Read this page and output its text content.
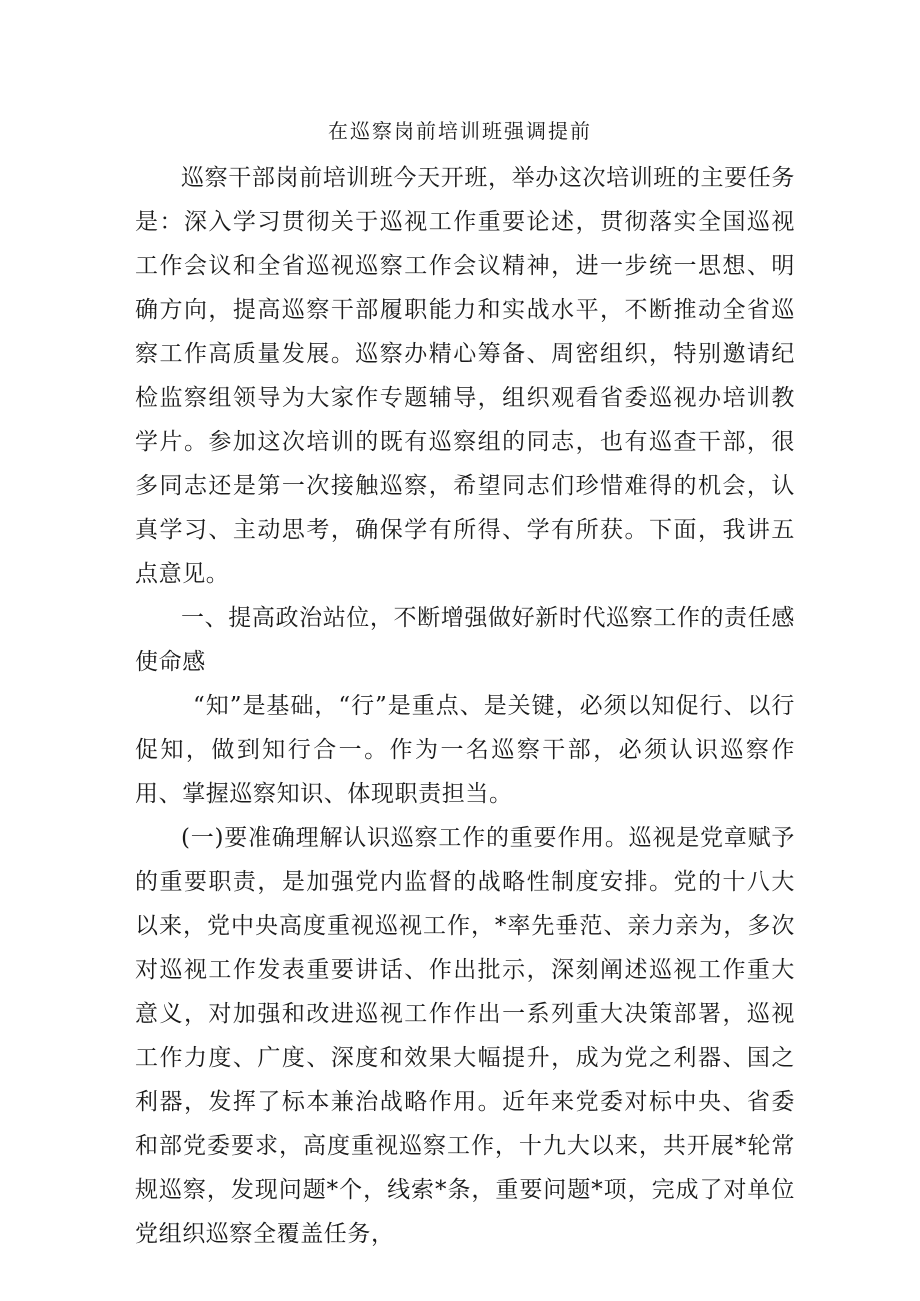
在巡察岗前培训班强调提前

巡察干部岗前培训班今天开班，举办这次培训班的主要任务是：深入学习贯彻关于巡视工作重要论述，贯彻落实全国巡视工作会议和全省巡视巡察工作会议精神，进一步统一思想、明确方向，提高巡察干部履职能力和实战水平，不断推动全省巡察工作高质量发展。巡察办精心筹备、周密组织，特别邀请纪检监察组领导为大家作专题辅导，组织观看省委巡视办培训教学片。参加这次培训的既有巡察组的同志，也有巡查干部，很多同志还是第一次接触巡察，希望同志们珍惜难得的机会，认真学习、主动思考，确保学有所得、学有所获。下面，我讲五点意见。

一、提高政治站位，不断增强做好新时代巡察工作的责任感使命感

“知”是基础，“行”是重点、是关键，必须以知促行、以行促知，做到知行合一。作为一名巡察干部，必须认识巡察作用、掌握巡察知识、体现职责担当。

(一)要准确理解认识巡察工作的重要作用。巡视是党章赋予的重要职责，是加强党内监督的战略性制度安排。党的十八大以来，党中央高度重视巡视工作，*率先垂范、亲力亲为，多次对巡视工作发表重要讲话、作出批示，深刻阐述巡视工作重大意义，对加强和改进巡视工作作出一系列重大决策部署，巡视工作力度、广度、深度和效果大幅提升，成为党之利器、国之利器，发挥了标本兼治战略作用。近年来党委对标中央、省委和部党委要求，高度重视巡察工作，十九大以来，共开展*轮常规巡察，发现问题*个，线索*条，重要问题*项，完成了对单位党组织巡察全覆盖任务，
